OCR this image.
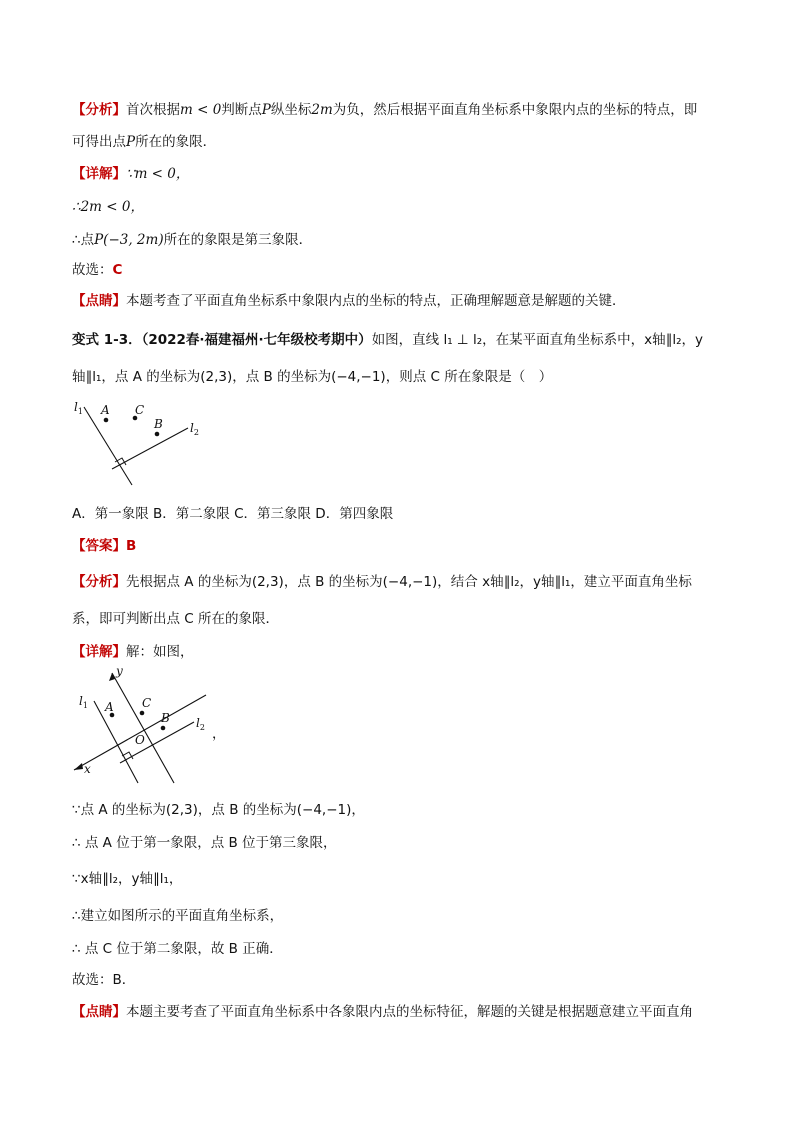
【分析】首次根据m < 0判断点P纵坐标2m为负，然后根据平面直角坐标系中象限内点的坐标的特点，即
可得出点P所在的象限．
【详解】∵m < 0，
∴2m < 0，
∴点P(−3, 2m)所在的象限是第三象限．
故选：C
【点睛】本题考查了平面直角坐标系中象限内点的坐标的特点，正确理解题意是解题的关键．
变式 1-3．（2022春·福建福州·七年级校考期中）如图，直线 l₁ ⊥ l₂，在某平面直角坐标系中，x轴∥l₂，y
轴∥l₁，点 A 的坐标为(2,3)，点 B 的坐标为(−4,−1)，则点 C 所在象限是（　）
$l_1$ A C
B $l_2$
A．第一象限 B．第二象限 C．第三象限 D．第四象限
【答案】B
【分析】先根据点 A 的坐标为(2,3)，点 B 的坐标为(−4,−1)，结合 x轴∥l₂，y轴∥l₁，建立平面直角坐标
系，即可判断出点 C 所在的象限．
【详解】解：如图，
$l_1$ A C
B
O
$l_2$
x
y
，
∵点 A 的坐标为(2,3)，点 B 的坐标为(−4,−1)，
∴ 点 A 位于第一象限，点 B 位于第三象限，
∵x轴∥l₂，y轴∥l₁，
∴建立如图所示的平面直角坐标系，
∴ 点 C 位于第二象限，故 B 正确．
故选：B．
【点睛】本题主要考查了平面直角坐标系中各象限内点的坐标特征，解题的关键是根据题意建立平面直角
